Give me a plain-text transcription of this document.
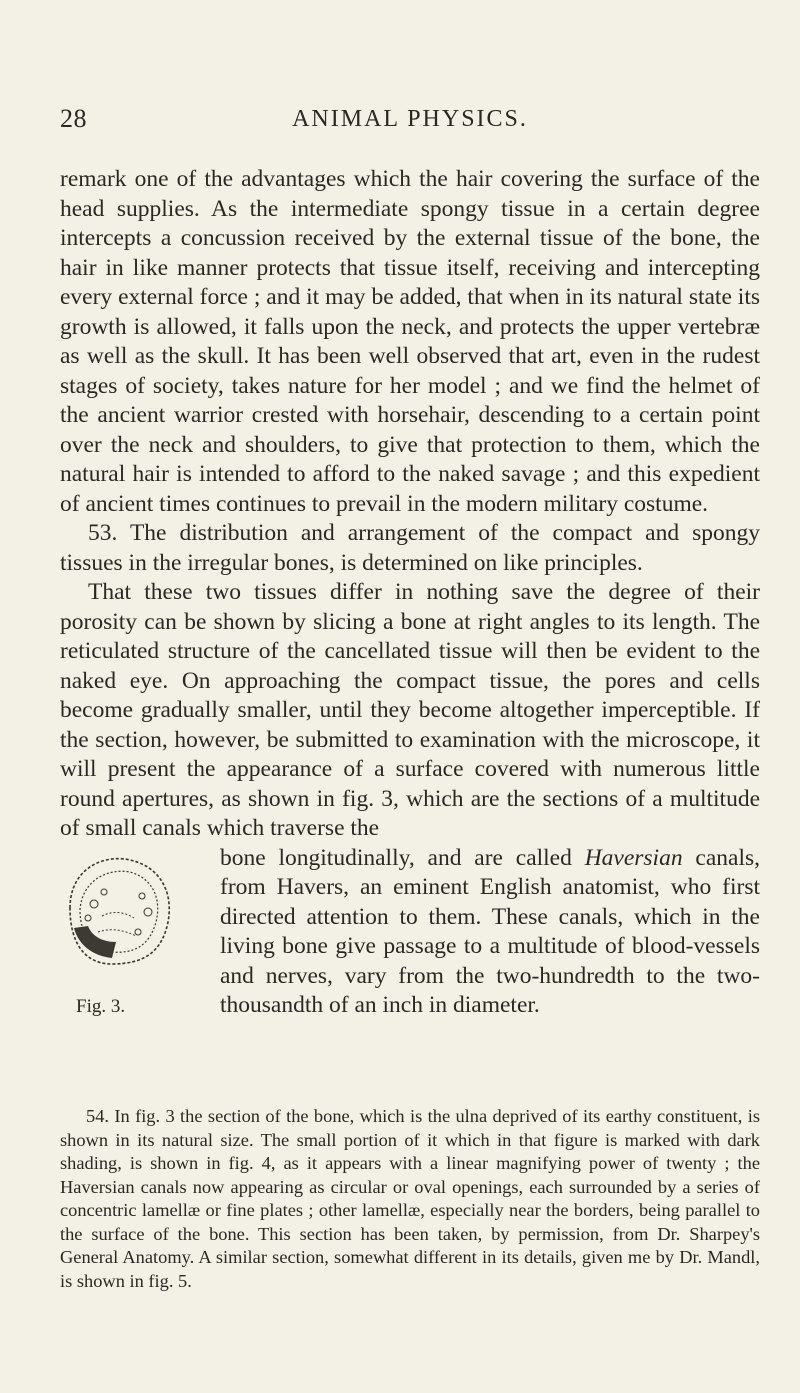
28	ANIMAL PHYSICS.

remark one of the advantages which the hair covering the surface of the head supplies. As the intermediate spongy tissue in a certain degree intercepts a concussion received by the external tissue of the bone, the hair in like manner protects that tissue itself, receiving and intercepting every external force ; and it may be added, that when in its natural state its growth is allowed, it falls upon the neck, and protects the upper vertebræ as well as the skull. It has been well observed that art, even in the rudest stages of society, takes nature for her model ; and we find the helmet of the ancient warrior crested with horsehair, descending to a certain point over the neck and shoulders, to give that protection to them, which the natural hair is intended to afford to the naked savage ; and this expedient of ancient times continues to prevail in the modern military costume.

53. The distribution and arrangement of the compact and spongy tissues in the irregular bones, is determined on like principles.

That these two tissues differ in nothing save the degree of their porosity can be shown by slicing a bone at right angles to its length. The reticulated structure of the cancellated tissue will then be evident to the naked eye. On approaching the compact tissue, the pores and cells become gradually smaller, until they become altogether imperceptible. If the section, however, be submitted to examination with the microscope, it will present the appearance of a surface covered with numerous little round apertures, as shown in fig. 3, which are the sections of a multitude of small canals which traverse the

Fig. 3.

bone longitudinally, and are called Haversian canals, from Havers, an eminent English anatomist, who first directed attention to them. These canals, which in the living bone give passage to a multitude of blood-vessels and nerves, vary from the two-hundredth to the two-thousandth of an inch in diameter.

54. In fig. 3 the section of the bone, which is the ulna deprived of its earthy constituent, is shown in its natural size. The small portion of it which in that figure is marked with dark shading, is shown in fig. 4, as it appears with a linear magnifying power of twenty ; the Haversian canals now appearing as circular or oval openings, each surrounded by a series of concentric lamellæ or fine plates ; other lamellæ, especially near the borders, being parallel to the surface of the bone. This section has been taken, by permission, from Dr. Sharpey's General Anatomy. A similar section, somewhat different in its details, given me by Dr. Mandl, is shown in fig. 5.
